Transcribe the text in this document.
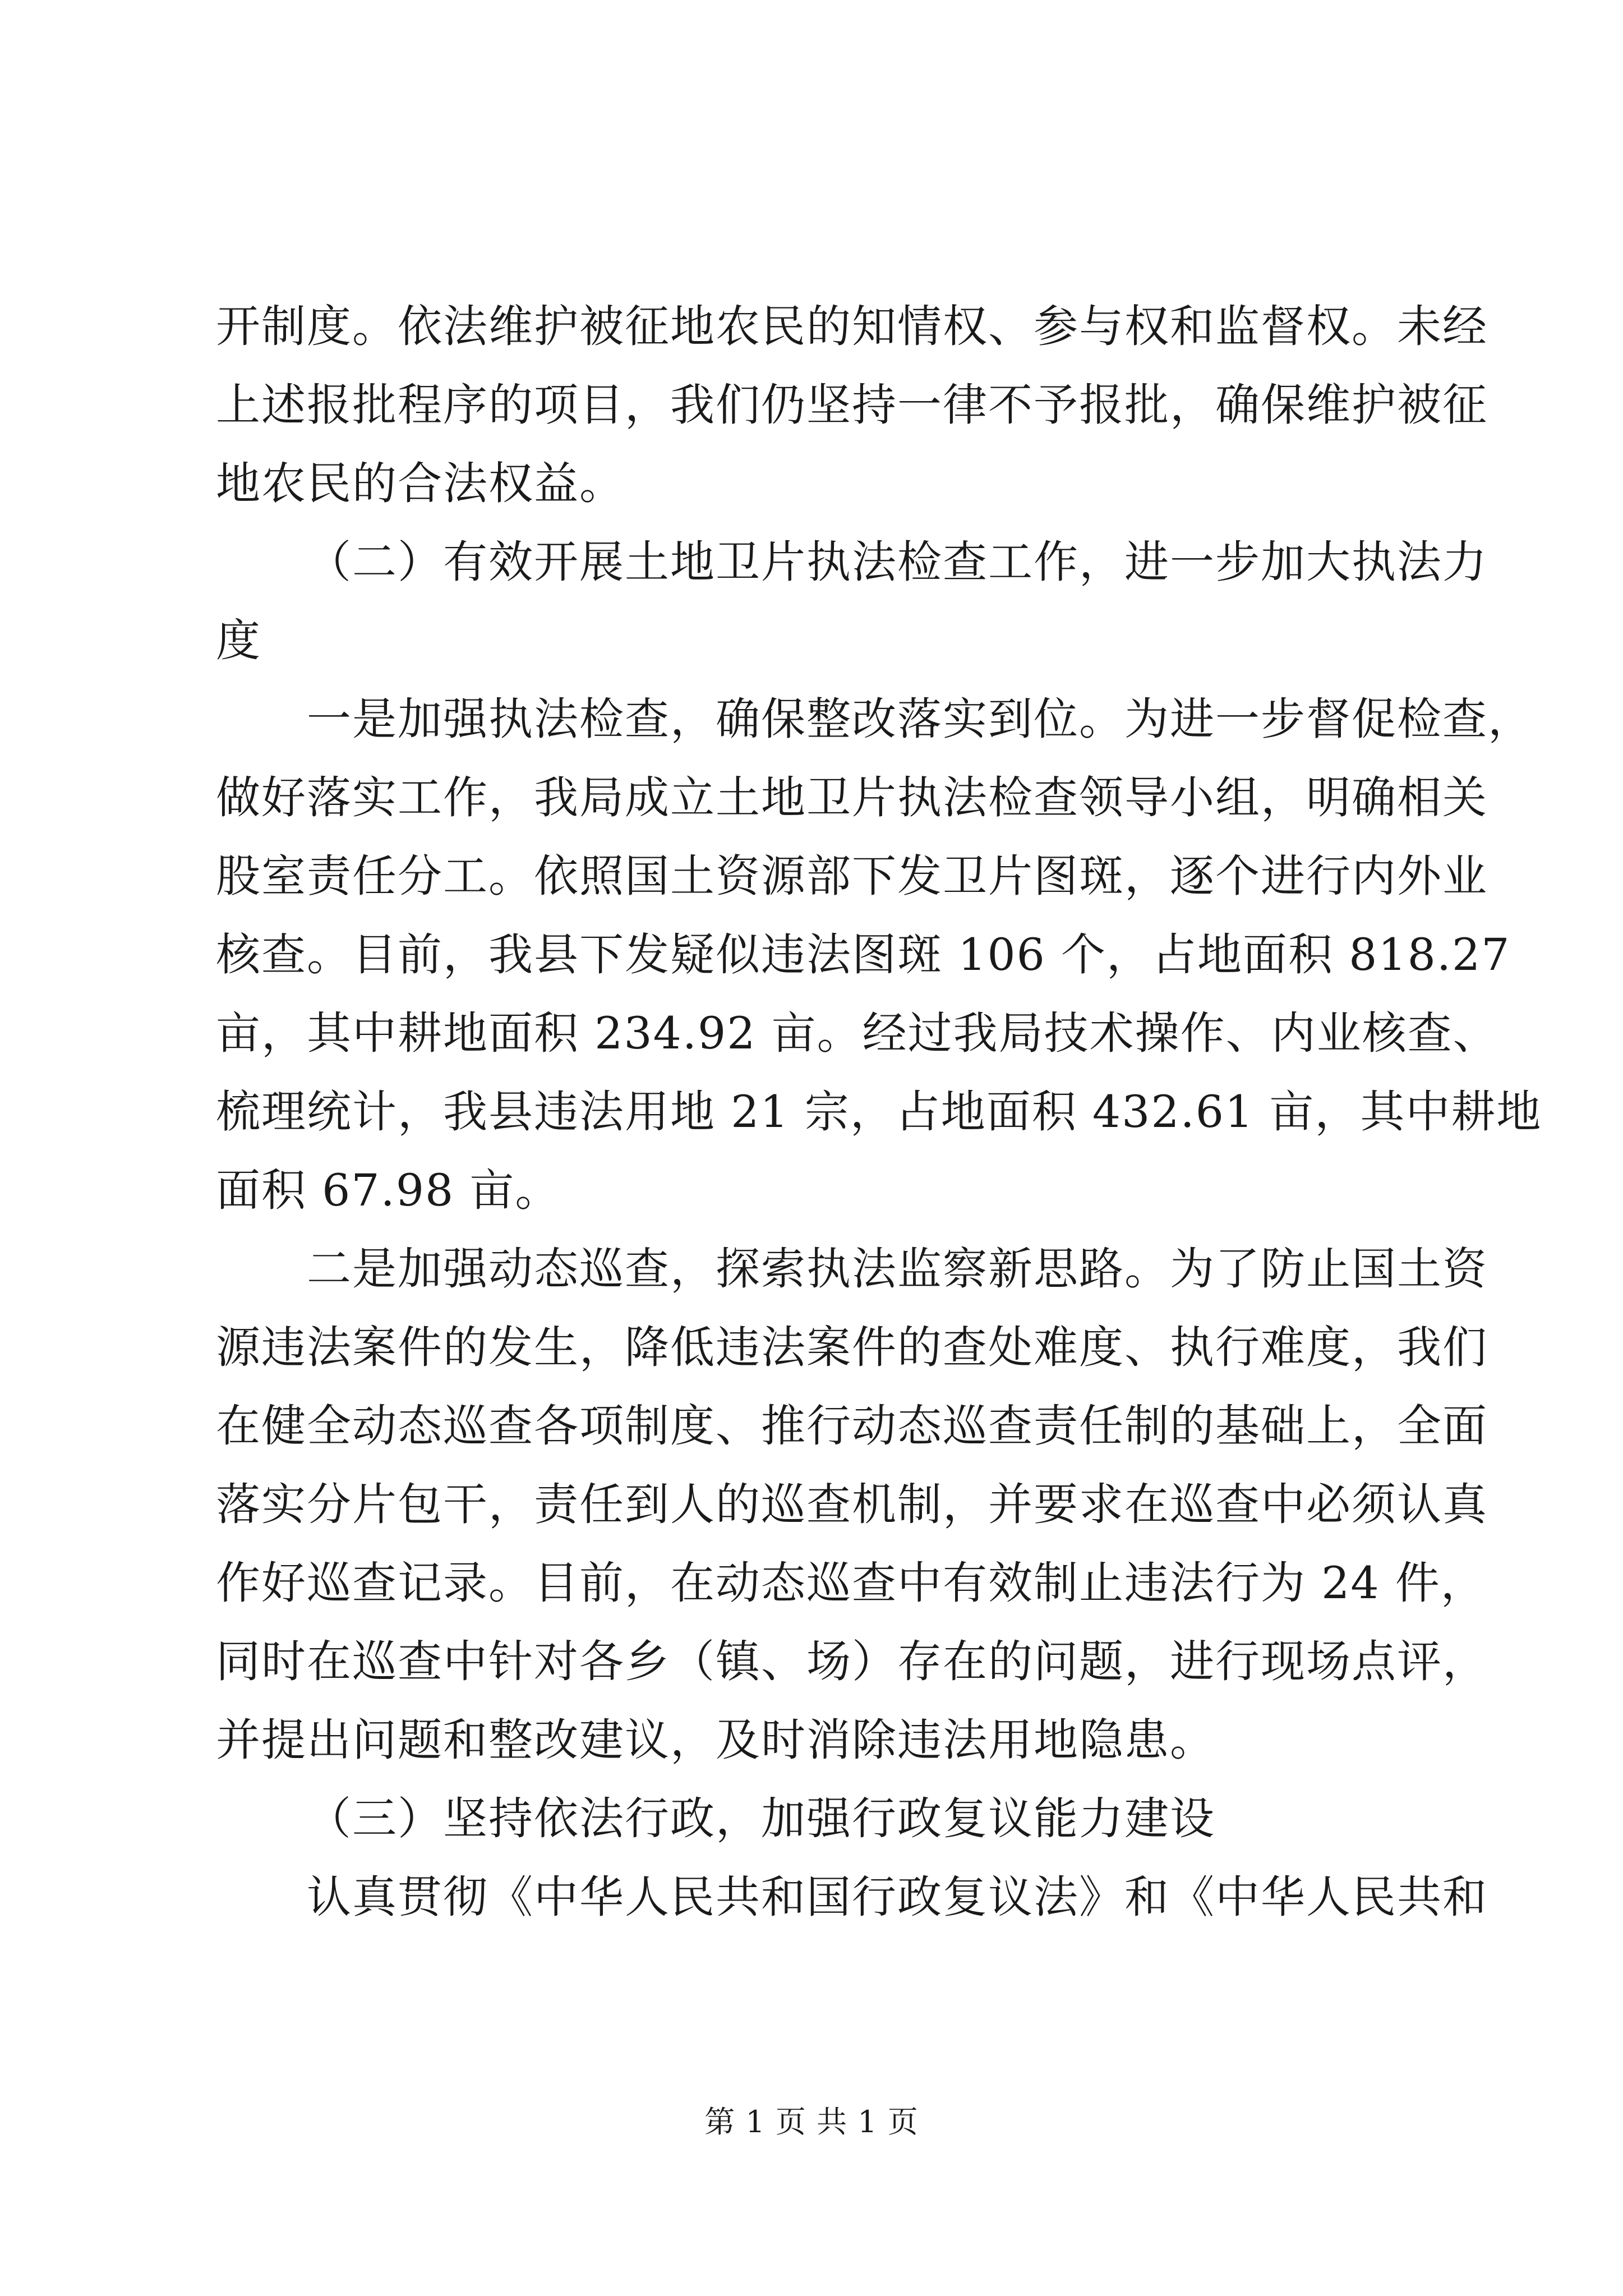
开制度。依法维护被征地农民的知情权、参与权和监督权。未经
上述报批程序的项目，我们仍坚持一律不予报批，确保维护被征
地农民的合法权益。
（二）有效开展土地卫片执法检查工作，进一步加大执法力
度
一是加强执法检查，确保整改落实到位。为进一步督促检查，
做好落实工作，我局成立土地卫片执法检查领导小组，明确相关
股室责任分工。依照国土资源部下发卫片图斑，逐个进行内外业
核查。目前，我县下发疑似违法图斑 106 个，占地面积 818.27
亩，其中耕地面积 234.92 亩。经过我局技术操作、内业核查、
梳理统计，我县违法用地 21 宗，占地面积 432.61 亩，其中耕地
面积 67.98 亩。
二是加强动态巡查，探索执法监察新思路。为了防止国土资
源违法案件的发生，降低违法案件的查处难度、执行难度，我们
在健全动态巡查各项制度、推行动态巡查责任制的基础上，全面
落实分片包干，责任到人的巡查机制，并要求在巡查中必须认真
作好巡查记录。目前，在动态巡查中有效制止违法行为 24 件，
同时在巡查中针对各乡（镇、场）存在的问题，进行现场点评，
并提出问题和整改建议，及时消除违法用地隐患。
（三）坚持依法行政，加强行政复议能力建设
认真贯彻《中华人民共和国行政复议法》和《中华人民共和
第 1 页 共 1 页
